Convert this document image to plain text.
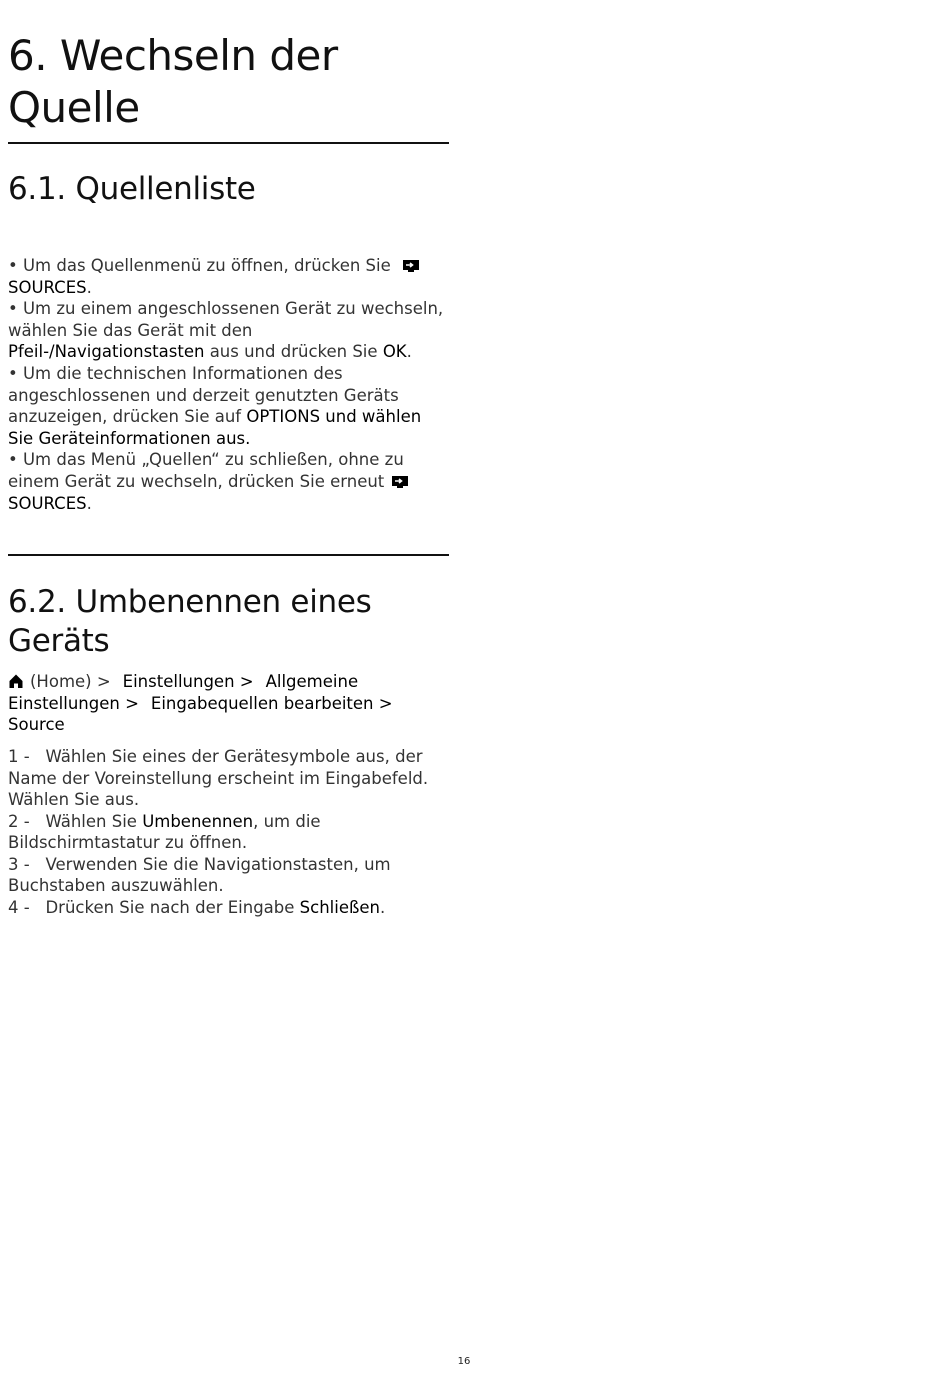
6. Wechseln der Quelle
6.1. Quellenliste

• Um das Quellenmenü zu öffnen, drücken Sie
SOURCES.

• Um zu einem angeschlossenen Gerät zu wechseln, wählen Sie das Gerät mit den
Pfeil-/Navigationstasten aus und drücken Sie OK.

• Um die technischen Informationen des angeschlossenen und derzeit genutzten Geräts anzuzeigen, drücken Sie auf OPTIONS und wählen Sie Geräteinformationen aus.

• Um das Menü „Quellen“ zu schließen, ohne zu einem Gerät zu wechseln, drücken Sie erneut
SOURCES.

6.2. Umbenennen eines Geräts

(Home) > Einstellungen > Allgemeine Einstellungen > Eingabequellen bearbeiten >Source

1 - Wählen Sie eines der Gerätesymbole aus, der Name der Voreinstellung erscheint im Eingabefeld. Wählen Sie aus.

2 - Wählen Sie Umbenennen, um die Bildschirmtastatur zu öffnen.

3 - Verwenden Sie die Navigationstasten, um Buchstaben auszuwählen.

4 - Drücken Sie nach der Eingabe Schließen.

16
